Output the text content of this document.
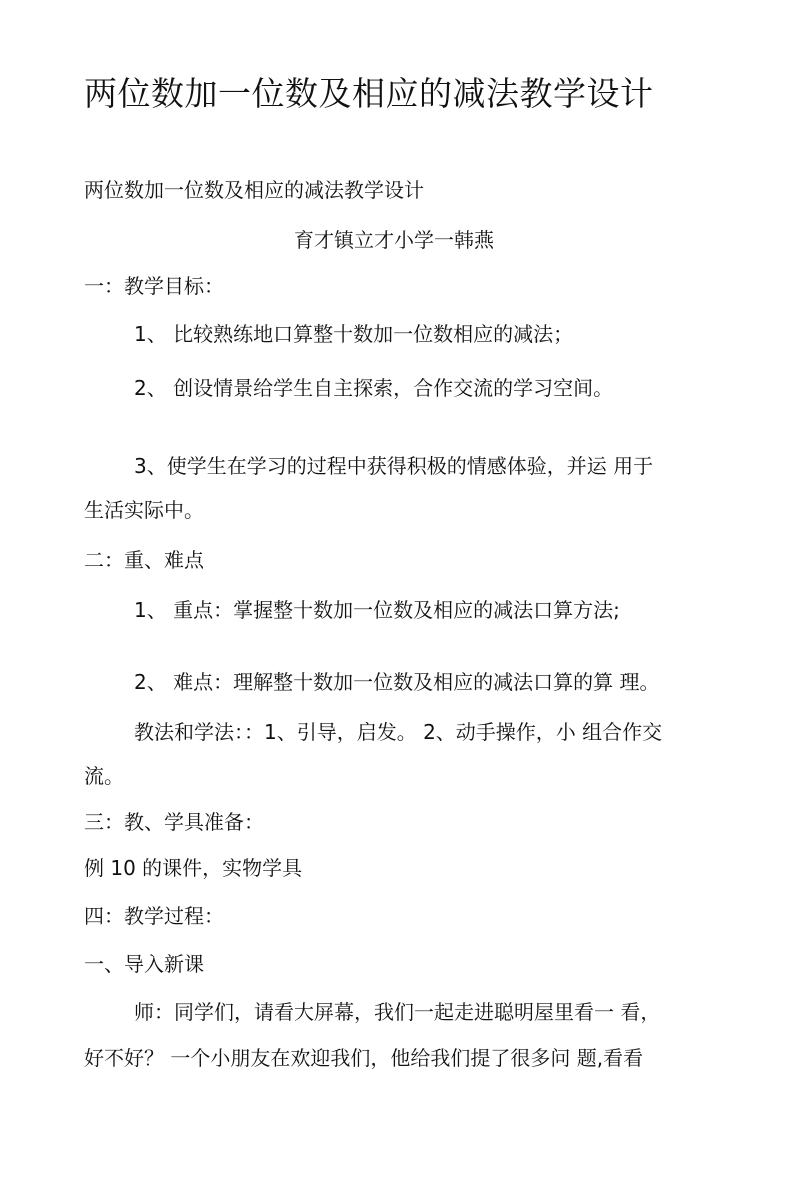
两位数加一位数及相应的减法教学设计
两位数加一位数及相应的减法教学设计
育才镇立才小学一韩燕
一：教学目标：
1、 比较熟练地口算整十数加一位数相应的减法；
2、 创设情景给学生自主探索，合作交流的学习空间。
3、使学生在学习的过程中获得积极的情感体验，并运 用于
生活实际中。
二：重、难点
1、 重点：掌握整十数加一位数及相应的减法口算方法;
2、 难点：理解整十数加一位数及相应的减法口算的算 理。
教法和学法：：1、引导，启发。 2、动手操作，小 组合作交
流。
三：教、学具准备：
例 10 的课件，实物学具
四：教学过程：
一、导入新课
师：同学们，请看大屏幕，我们一起走进聪明屋里看一 看，
好不好？ 一个小朋友在欢迎我们，他给我们提了很多问 题,看看
